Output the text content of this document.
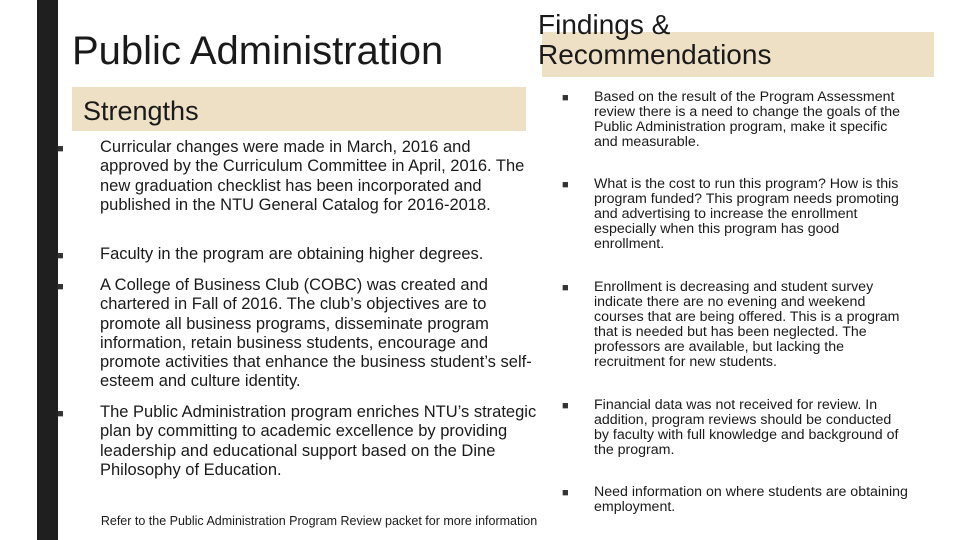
Public Administration
Findings &
Recommendations
Strengths
■	Curricular changes were made in March, 2016 and approved by the Curriculum Committee in April, 2016. The new graduation checklist has been incorporated and published in the NTU General Catalog for 2016-2018.
■	Faculty in the program are obtaining higher degrees.
■	A College of Business Club (COBC) was created and chartered in Fall of 2016. The club’s objectives are to promote all business programs, disseminate program information, retain business students, encourage and promote activities that enhance the business student’s self-esteem and culture identity.
■	The Public Administration program enriches NTU’s strategic plan by committing to academic excellence by providing leadership and educational support based on the Dine Philosophy of Education.
■	Based on the result of the Program Assessment review there is a need to change the goals of the Public Administration program, make it specific and measurable.
■	What is the cost to run this program? How is this program funded? This program needs promoting and advertising to increase the enrollment especially when this program has good enrollment.
■	Enrollment is decreasing and student survey indicate there are no evening and weekend courses that are being offered. This is a program that is needed but has been neglected. The professors are available, but lacking the recruitment for new students.
■	Financial data was not received for review. In addition, program reviews should be conducted by faculty with full knowledge and background of the program.
■	Need information on where students are obtaining employment.
Refer to the Public Administration Program Review packet for more information
